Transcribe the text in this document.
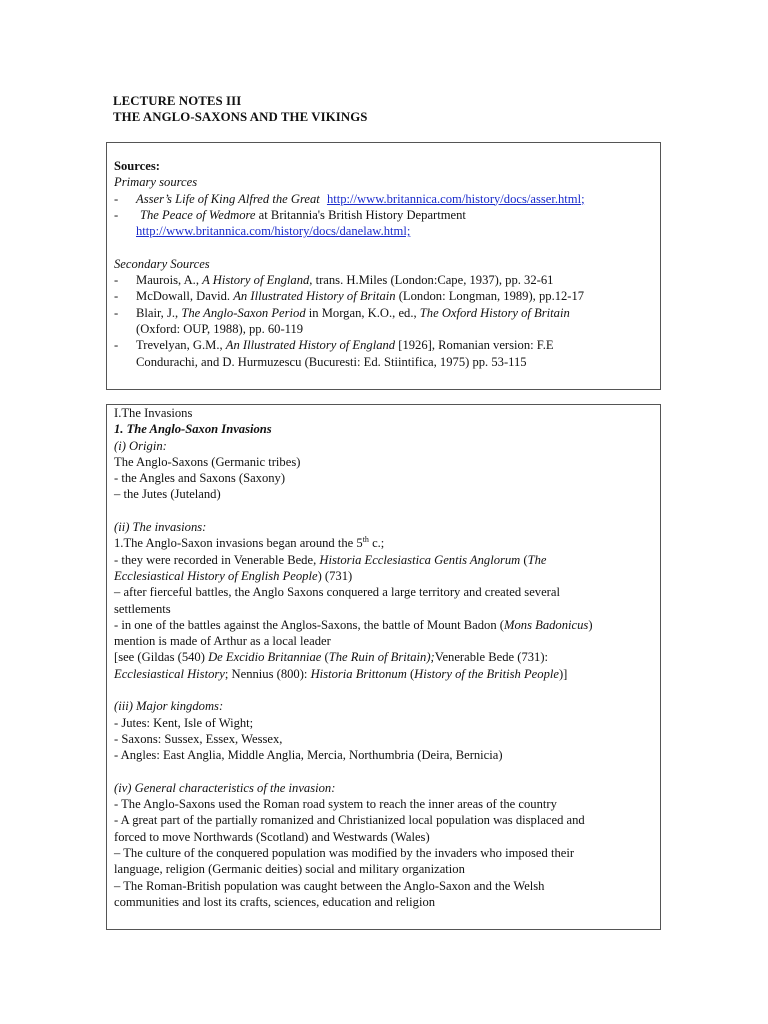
LECTURE NOTES III
THE ANGLO-SAXONS AND THE VIKINGS
Sources:
Primary sources
- Asser’s Life of King Alfred the Great http://www.britannica.com/history/docs/asser.html;
-	The Peace of Wedmore at Britannia's British History Department
http://www.britannica.com/history/docs/danelaw.html;
Secondary Sources
- Maurois, A., A History of England, trans. H.Miles (London:Cape, 1937), pp. 32-61
- McDowall, David. An Illustrated History of Britain (London: Longman, 1989), pp.12-17
- Blair, J., The Anglo-Saxon Period in Morgan, K.O., ed., The Oxford History of Britain
(Oxford: OUP, 1988), pp. 60-119
- Trevelyan, G.M., An Illustrated History of England [1926], Romanian version: F.E
Condurachi, and D. Hurmuzescu (Bucuresti: Ed. Stiintifica, 1975) pp. 53-115
I.The Invasions
1. The Anglo-Saxon Invasions
(i) Origin:
The Anglo-Saxons (Germanic tribes)
- the Angles and Saxons (Saxony)
– the Jutes (Juteland)
(ii) The invasions:
1.The Anglo-Saxon invasions began around the 5th c.;
- they were recorded in Venerable Bede, Historia Ecclesiastica Gentis Anglorum (The
Ecclesiastical History of English People) (731)
– after fierceful battles, the Anglo Saxons conquered a large territory and created several
settlements
- in one of the battles against the Anglos-Saxons, the battle of Mount Badon (Mons Badonicus)
mention is made of Arthur as a local leader
[see (Gildas (540) De Excidio Britanniae (The Ruin of Britain);Venerable Bede (731):
Ecclesiastical History; Nennius (800): Historia Brittonum (History of the British People)]
(iii) Major kingdoms:
- Jutes: Kent, Isle of Wight;
- Saxons: Sussex, Essex, Wessex,
- Angles: East Anglia, Middle Anglia, Mercia, Northumbria (Deira, Bernicia)
(iv) General characteristics of the invasion:
- The Anglo-Saxons used the Roman road system to reach the inner areas of the country
- A great part of the partially romanized and Christianized local population was displaced and
forced to move Northwards (Scotland) and Westwards (Wales)
– The culture of the conquered population was modified by the invaders who imposed their
language, religion (Germanic deities) social and military organization
– The Roman-British population was caught between the Anglo-Saxon and the Welsh
communities and lost its crafts, sciences, education and religion
